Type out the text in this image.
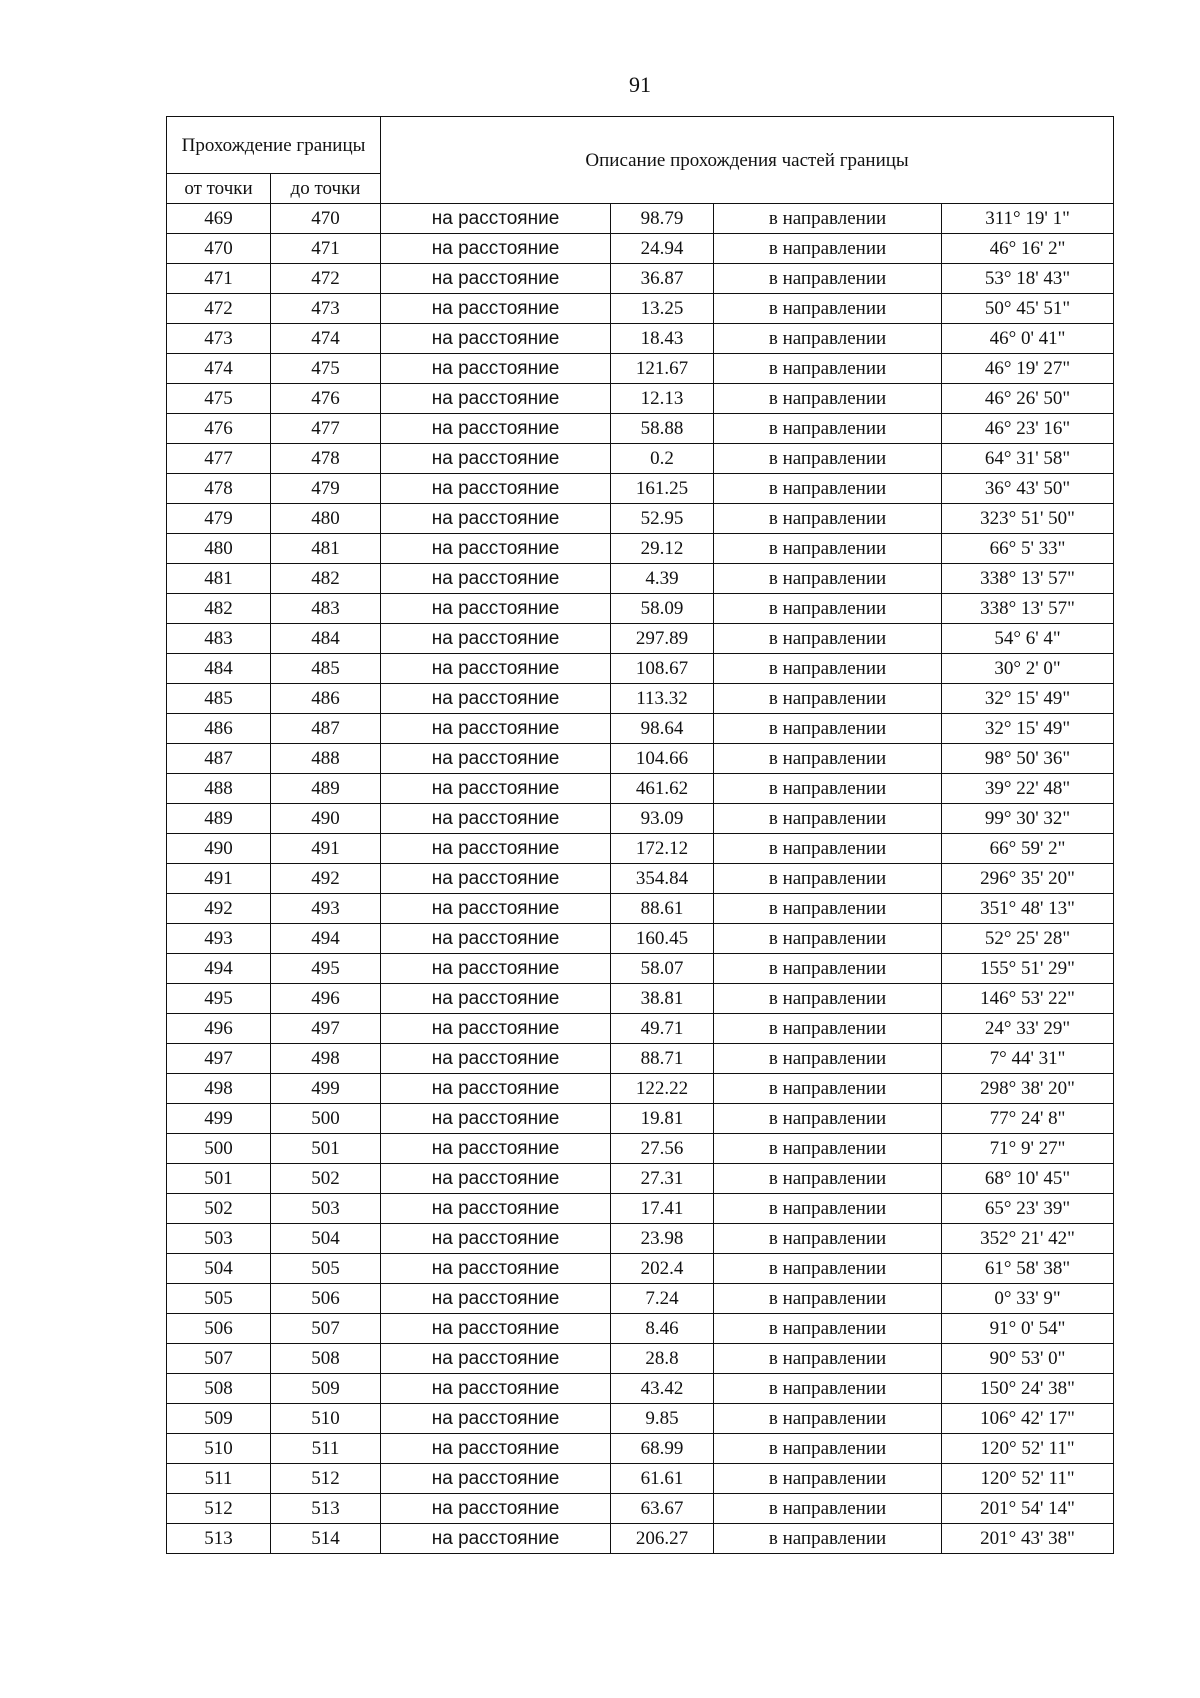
91
Прохождение границы		Описание прохождения частей границы			
от точки	до точки				
469	470	на расстояние	98.79	в направлении	311° 19' 1"
470	471	на расстояние	24.94	в направлении	46° 16' 2"
471	472	на расстояние	36.87	в направлении	53° 18' 43"
472	473	на расстояние	13.25	в направлении	50° 45' 51"
473	474	на расстояние	18.43	в направлении	46° 0' 41"
474	475	на расстояние	121.67	в направлении	46° 19' 27"
475	476	на расстояние	12.13	в направлении	46° 26' 50"
476	477	на расстояние	58.88	в направлении	46° 23' 16"
477	478	на расстояние	0.2	в направлении	64° 31' 58"
478	479	на расстояние	161.25	в направлении	36° 43' 50"
479	480	на расстояние	52.95	в направлении	323° 51' 50"
480	481	на расстояние	29.12	в направлении	66° 5' 33"
481	482	на расстояние	4.39	в направлении	338° 13' 57"
482	483	на расстояние	58.09	в направлении	338° 13' 57"
483	484	на расстояние	297.89	в направлении	54° 6' 4"
484	485	на расстояние	108.67	в направлении	30° 2' 0"
485	486	на расстояние	113.32	в направлении	32° 15' 49"
486	487	на расстояние	98.64	в направлении	32° 15' 49"
487	488	на расстояние	104.66	в направлении	98° 50' 36"
488	489	на расстояние	461.62	в направлении	39° 22' 48"
489	490	на расстояние	93.09	в направлении	99° 30' 32"
490	491	на расстояние	172.12	в направлении	66° 59' 2"
491	492	на расстояние	354.84	в направлении	296° 35' 20"
492	493	на расстояние	88.61	в направлении	351° 48' 13"
493	494	на расстояние	160.45	в направлении	52° 25' 28"
494	495	на расстояние	58.07	в направлении	155° 51' 29"
495	496	на расстояние	38.81	в направлении	146° 53' 22"
496	497	на расстояние	49.71	в направлении	24° 33' 29"
497	498	на расстояние	88.71	в направлении	7° 44' 31"
498	499	на расстояние	122.22	в направлении	298° 38' 20"
499	500	на расстояние	19.81	в направлении	77° 24' 8"
500	501	на расстояние	27.56	в направлении	71° 9' 27"
501	502	на расстояние	27.31	в направлении	68° 10' 45"
502	503	на расстояние	17.41	в направлении	65° 23' 39"
503	504	на расстояние	23.98	в направлении	352° 21' 42"
504	505	на расстояние	202.4	в направлении	61° 58' 38"
505	506	на расстояние	7.24	в направлении	0° 33' 9"
506	507	на расстояние	8.46	в направлении	91° 0' 54"
507	508	на расстояние	28.8	в направлении	90° 53' 0"
508	509	на расстояние	43.42	в направлении	150° 24' 38"
509	510	на расстояние	9.85	в направлении	106° 42' 17"
510	511	на расстояние	68.99	в направлении	120° 52' 11"
511	512	на расстояние	61.61	в направлении	120° 52' 11"
512	513	на расстояние	63.67	в направлении	201° 54' 14"
513	514	на расстояние	206.27	в направлении	201° 43' 38"
